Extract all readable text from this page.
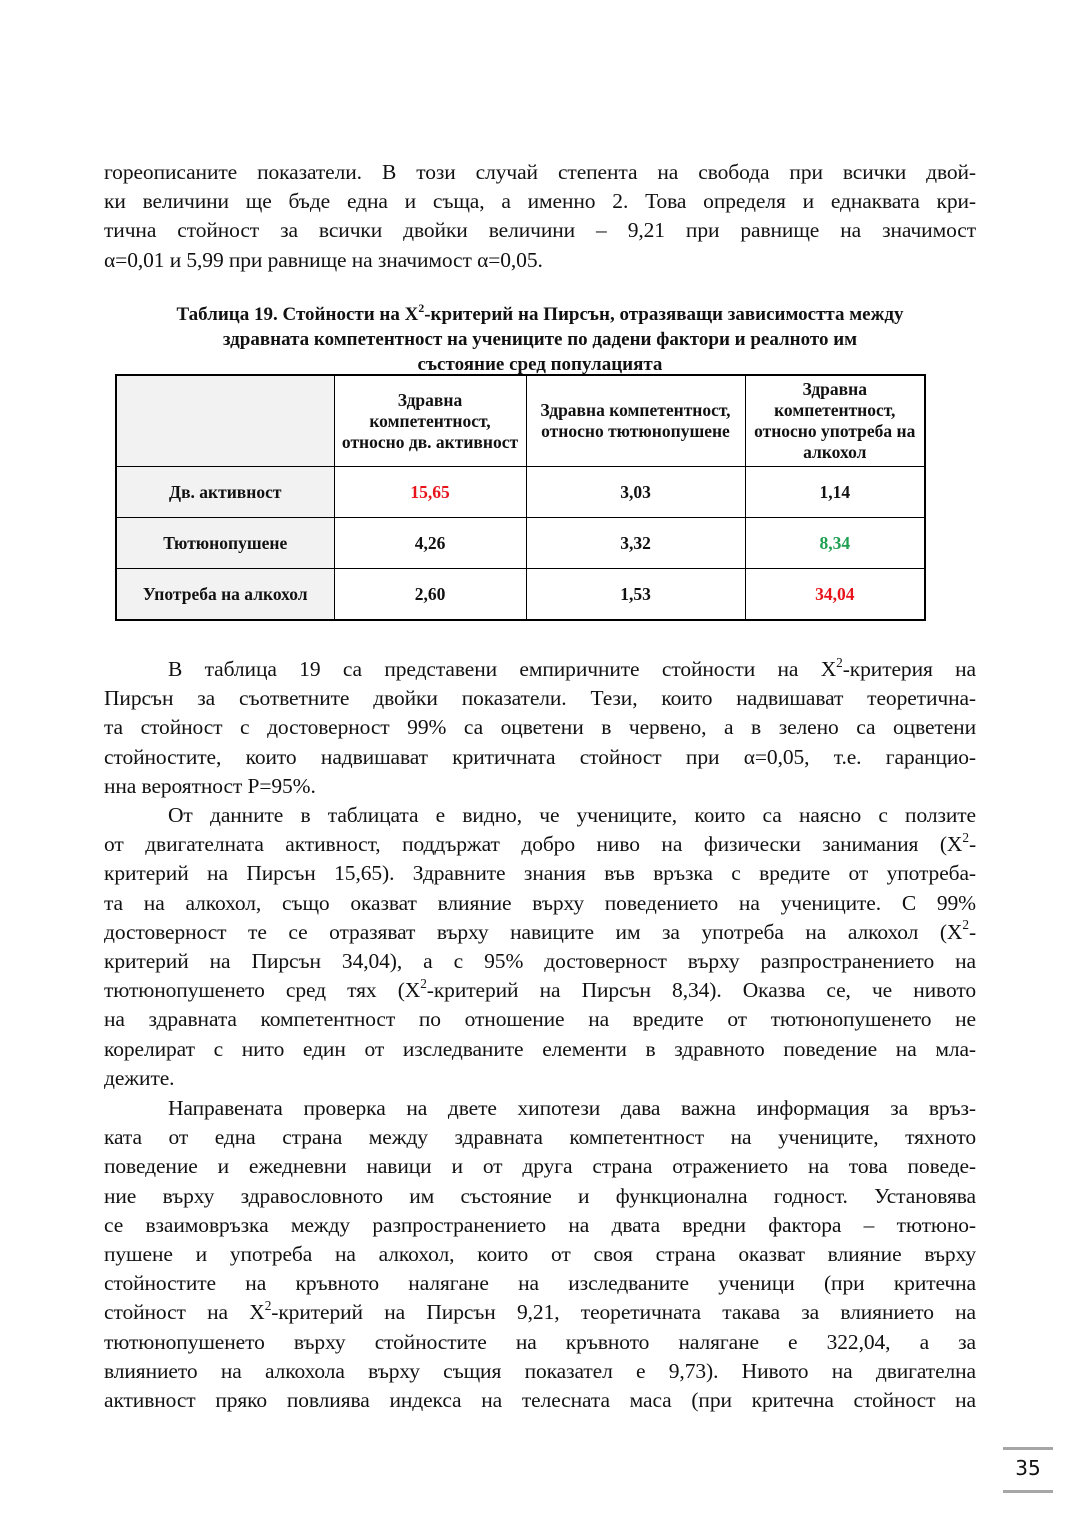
гореописаните показатели. В този случай степента на свобода при всички двой-
ки величини ще бъде една и съща, а именно 2. Това определя и еднаквата кри-
тична стойност за всички двойки величини – 9,21 при равнище на значимост
α=0,01 и 5,99 при равнище на значимост α=0,05.
Таблица 19. Стойности на $X^2$-критерий на Пирсън, отразяващи зависимостта между
здравната компетентност на учениците по дадени фактори и реалното им
състояние сред популацията
	Здравна компетентност, относно дв. активност	Здравна компетентност, относно тютюнопушене	Здравна компетентност, относно употреба на алкохол
Дв. активност	15,65	3,03	1,14
Тютюнопушене	4,26	3,32	8,34
Употреба на алкохол	2,60	1,53	34,04
В таблица 19 са представени емпиричните стойности на $X^2$-критерия на
Пирсън за съответните двойки показатели. Тези, които надвишават теоретична-
та стойност с достоверност 99% са оцветени в червено, а в зелено са оцветени
стойностите, които надвишават критичната стойност при α=0,05, т.е. гаранцио-
нна вероятност Р=95%.
От данните в таблицата е видно, че учениците, които са наясно с ползите
от двигателната активност, поддържат добро ниво на физически занимания ($X^2-$
критерий на Пирсън 15,65). Здравните знания във връзка с вредите от употреба-
та на алкохол, също оказват влияние върху поведението на учениците. С 99%
достоверност те се отразяват върху навиците им за употреба на алкохол ($X^2-$
критерий на Пирсън 34,04), а с 95% достоверност върху разпространението на
тютюнопушенето сред тях ($X^2$-критерий на Пирсън 8,34). Оказва се, че нивото
на здравната компетентност по отношение на вредите от тютюнопушенето не
корелират с нито един от изследваните елементи в здравното поведение на мла-
дежите.
Направената проверка на двете хипотези дава важна информация за връз-
ката от една страна между здравната компетентност на учениците, тяхното
поведение и ежедневни навици и от друга страна отражението на това поведе-
ние върху здравословното им състояние и функционална годност. Установява
се взаимовръзка между разпространението на двата вредни фактора – тютюно-
пушене и употреба на алкохол, които от своя страна оказват влияние върху
стойностите на кръвното налягане на изследваните ученици (при критечна
стойност на $X^2$-критерий на Пирсън 9,21, теоретичната такава за влиянието на
тютюнопушенето върху стойностите на кръвното налягане е 322,04, а за
влиянието на алкохола върху същия показател е 9,73). Нивото на двигателна
активност пряко повлиява индекса на телесната маса (при критечна стойност на
35
